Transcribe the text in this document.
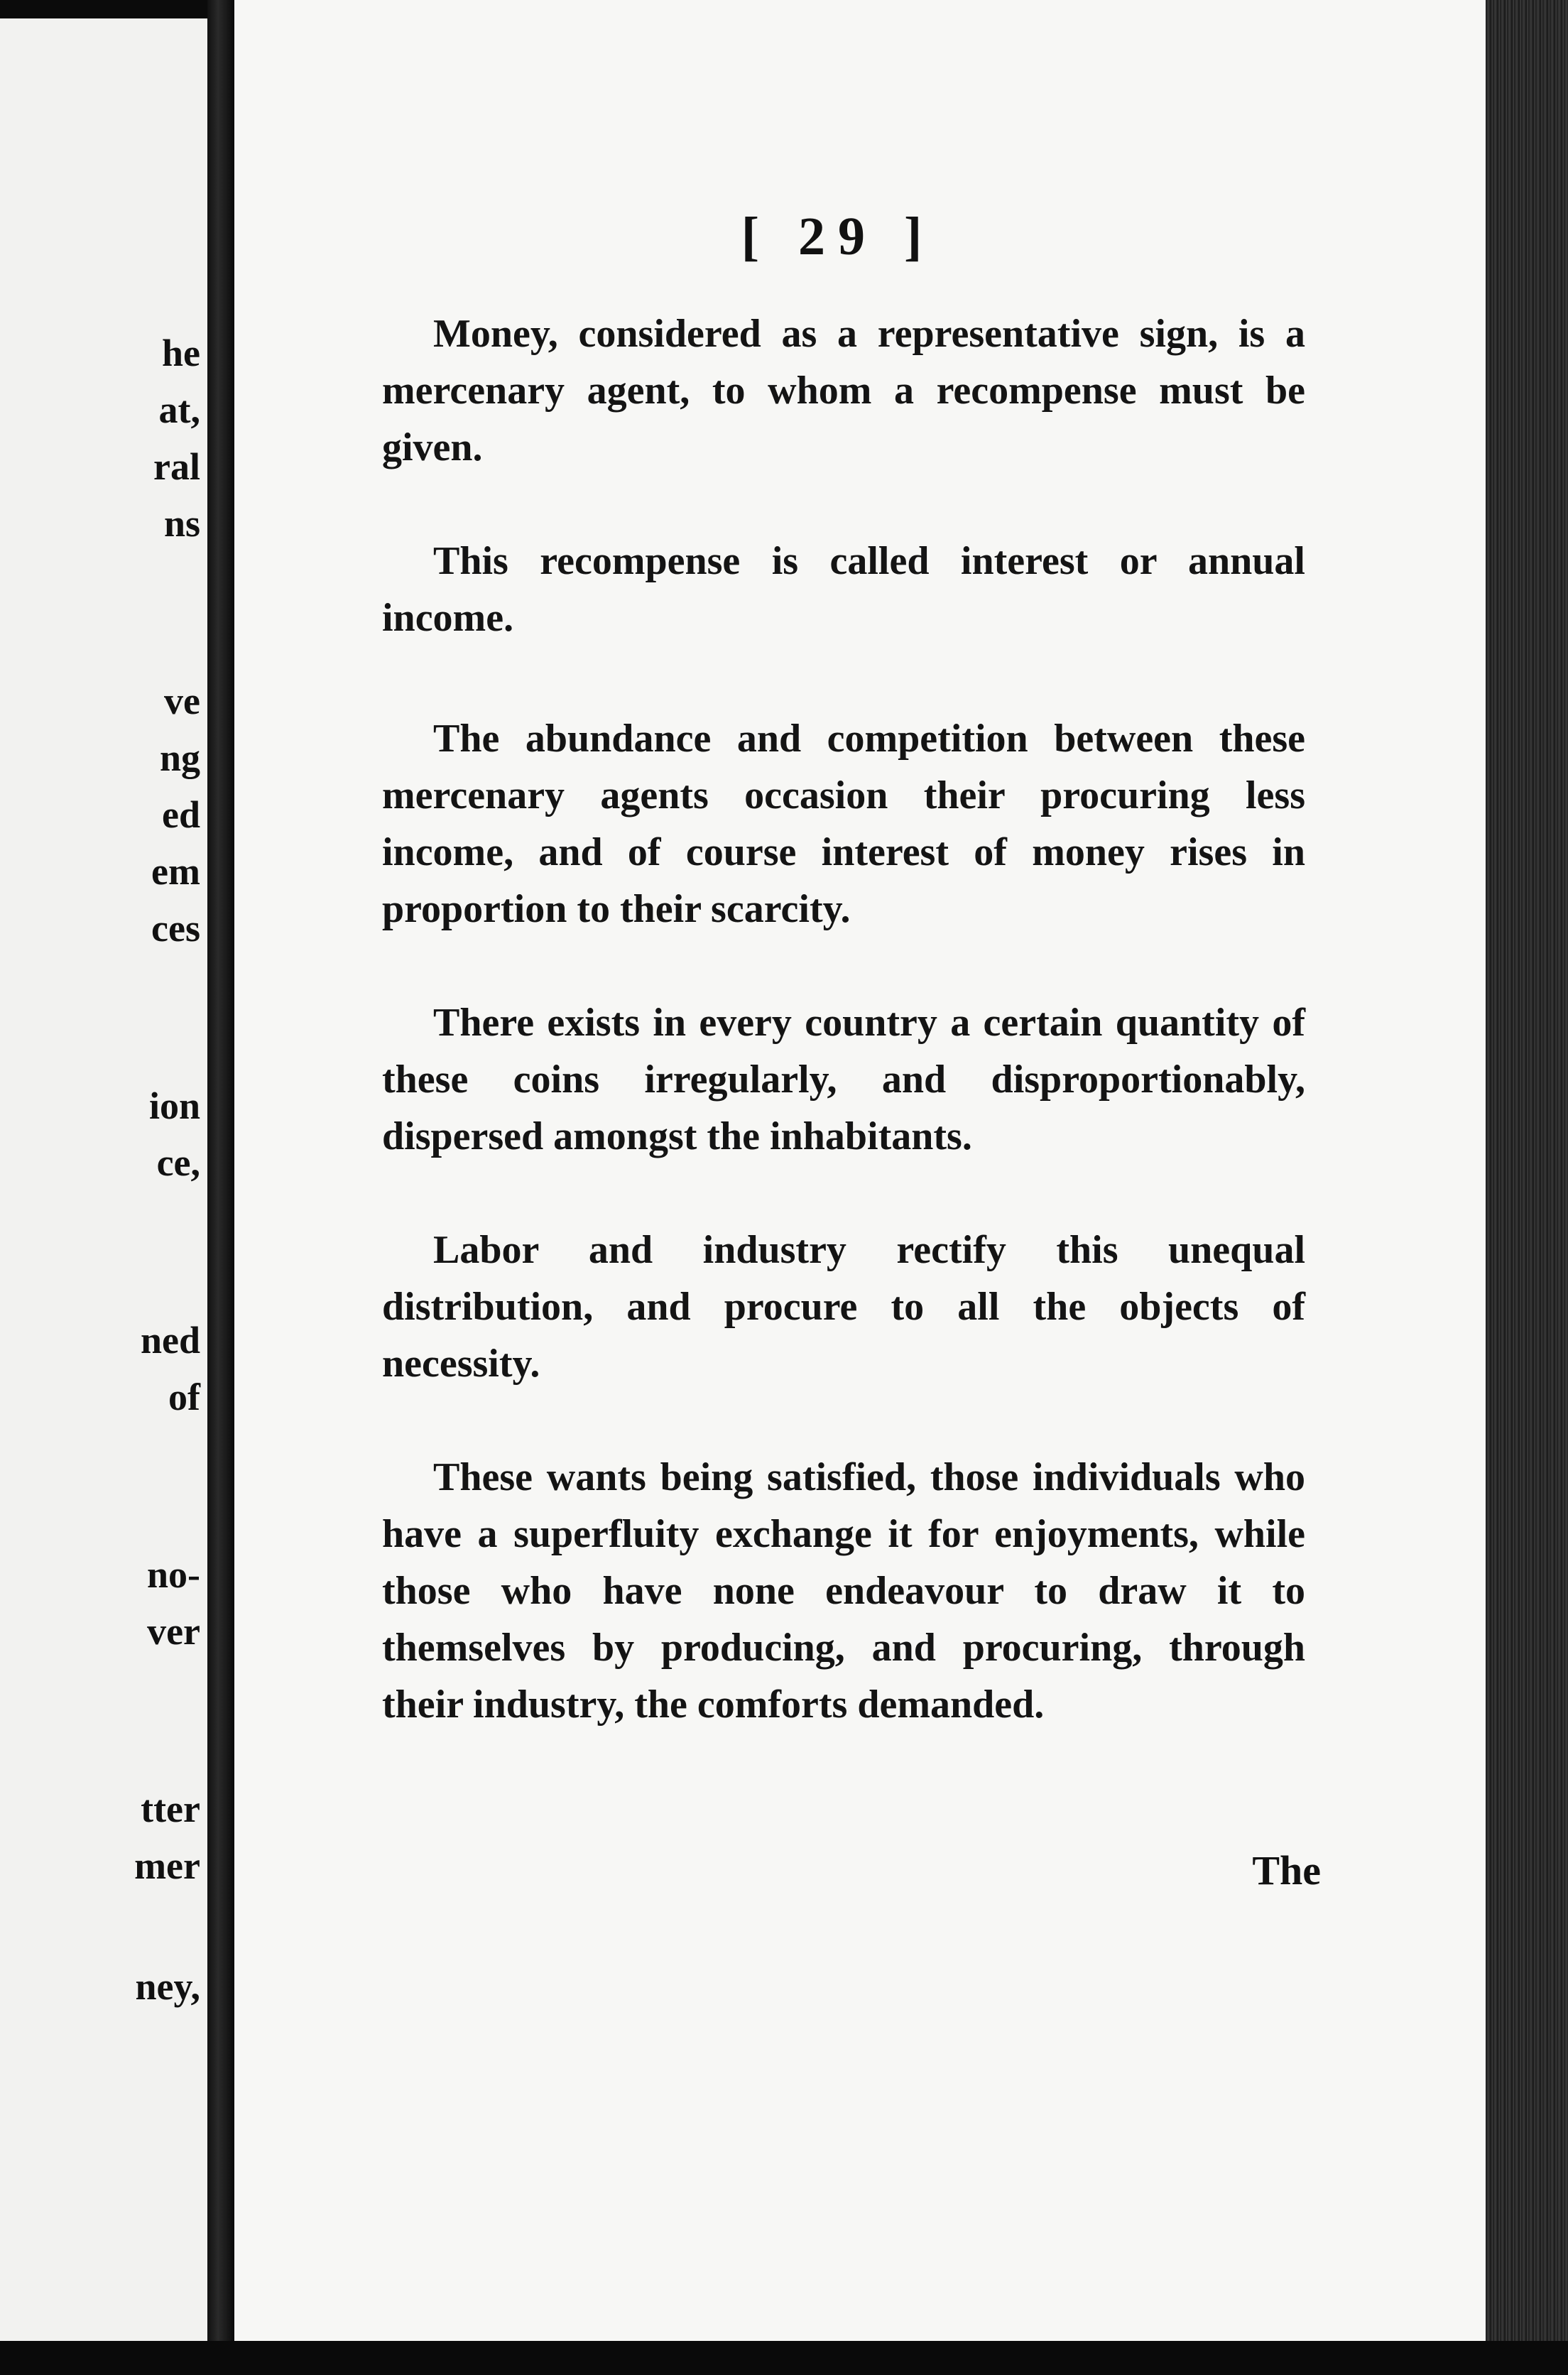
he

at,

ral

ns

ve

ng

ed

em

ces

ion

ce,

ned

of

no-

ver

tter

mer

ney,

[ 29 ]

Money, considered as a representative sign, is a mercenary agent, to whom a recompense must be given.

This recompense is called interest or annual income.

The abundance and competition between these mercenary agents occasion their procuring less income, and of course interest of money rises in proportion to their scarcity.

There exists in every country a certain quantity of these coins irregularly, and disproportionably, dispersed amongst the inhabitants.

Labor and industry rectify this unequal distribution, and procure to all the objects of necessity.

These wants being satisfied, those individuals who have a superfluity exchange it for enjoyments, while those who have none endeavour to draw it to themselves by producing, and procuring, through their industry, the comforts demanded.

The
